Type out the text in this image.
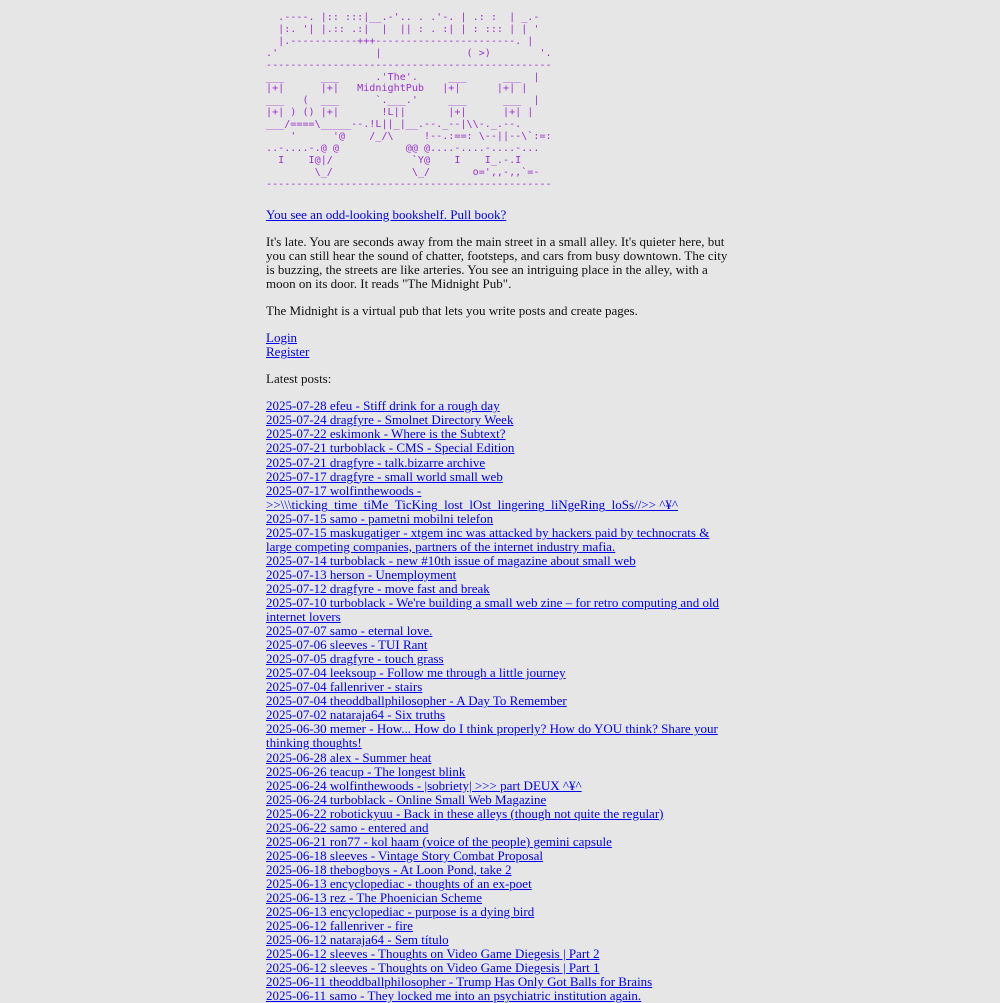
.----. |:: :::|__.-'.. . .'-. | .: :  | _.-
|:. '| |.:: .:|  |  || : . :| | : ::: | | '
|.-----------+++-----------------------. |
.'                |              ( >)        '.
-----------------------------------------------
___      ___      .'The'.     ___      ___  |
|+|      |+|   MidnightPub   |+|      |+| |
___   (  ___      `.___.'     ___      ___  |
|+| ) () |+|       !L||       |+|      |+| |
___/====\_____--.!L||_|__.--._--|\\-._.--.
'      '@    /_/\     !--.:==: \--||--\`:=:
..-....-.@ @           @@ @....-....-....-...
I    I@|/             `Y@    I    I_.-.I
\_/             \_/       o=',,-,,`=-
-----------------------------------------------
You see an odd-looking bookshelf. Pull book?

It's late. You are seconds away from the main street in a small alley. It's quieter here, but you can still hear the sound of chatter, footsteps, and cars from busy downtown. The city is buzzing, the streets are like arteries. You see an intriguing place in the alley, with a moon on its door. It reads "The Midnight Pub".

The Midnight is a virtual pub that lets you write posts and create pages.

Login
Register
Latest posts:
2025-07-28 efeu - Stiff drink for a rough day
2025-07-24 dragfyre - Smolnet Directory Week
2025-07-22 eskimonk - Where is the Subtext?
2025-07-21 turboblack - CMS - Special Edition
2025-07-21 dragfyre - talk.bizarre archive
2025-07-17 dragfyre - small world small web
2025-07-17 wolfinthewoods - >>\\\ticking_time_tiMe_TicKing_lost_lOst_lingering_liNgeRing_loSs//>> ^¥^
2025-07-15 samo - pametni mobilni telefon
2025-07-15 maskugatiger - xtgem inc was attacked by hackers paid by technocrats & large competing companies, partners of the internet industry mafia.
2025-07-14 turboblack - new #10th issue of magazine about small web
2025-07-13 herson - Unemployment
2025-07-12 dragfyre - move fast and break
2025-07-10 turboblack - We're building a small web zine – for retro computing and old internet lovers
2025-07-07 samo - eternal love.
2025-07-06 sleeves - TUI Rant
2025-07-05 dragfyre - touch grass
2025-07-04 leeksoup - Follow me through a little journey
2025-07-04 fallenriver - stairs
2025-07-04 theoddballphilosopher - A Day To Remember
2025-07-02 nataraja64 - Six truths
2025-06-30 memer - How... How do I think properly? How do YOU think? Share your thinking thoughts!
2025-06-28 alex - Summer heat
2025-06-26 teacup - The longest blink
2025-06-24 wolfinthewoods - |sobriety| >>> part DEUX ^¥^
2025-06-24 turboblack - Online Small Web Magazine
2025-06-22 robotickyuu - Back in these alleys (though not quite the regular)
2025-06-22 samo - entered and
2025-06-21 ron77 - kol haam (voice of the people) gemini capsule
2025-06-18 sleeves - Vintage Story Combat Proposal
2025-06-18 thebogboys - At Loon Pond, take 2
2025-06-13 encyclopediac - thoughts of an ex-poet
2025-06-13 rez - The Phoenician Scheme
2025-06-13 encyclopediac - purpose is a dying bird
2025-06-12 fallenriver - fire
2025-06-12 nataraja64 - Sem título
2025-06-12 sleeves - Thoughts on Video Game Diegesis | Part 2
2025-06-12 sleeves - Thoughts on Video Game Diegesis | Part 1
2025-06-11 theoddballphilosopher - Trump Has Only Got Balls for Brains
2025-06-11 samo - They locked me into an psychiatric institution again.
